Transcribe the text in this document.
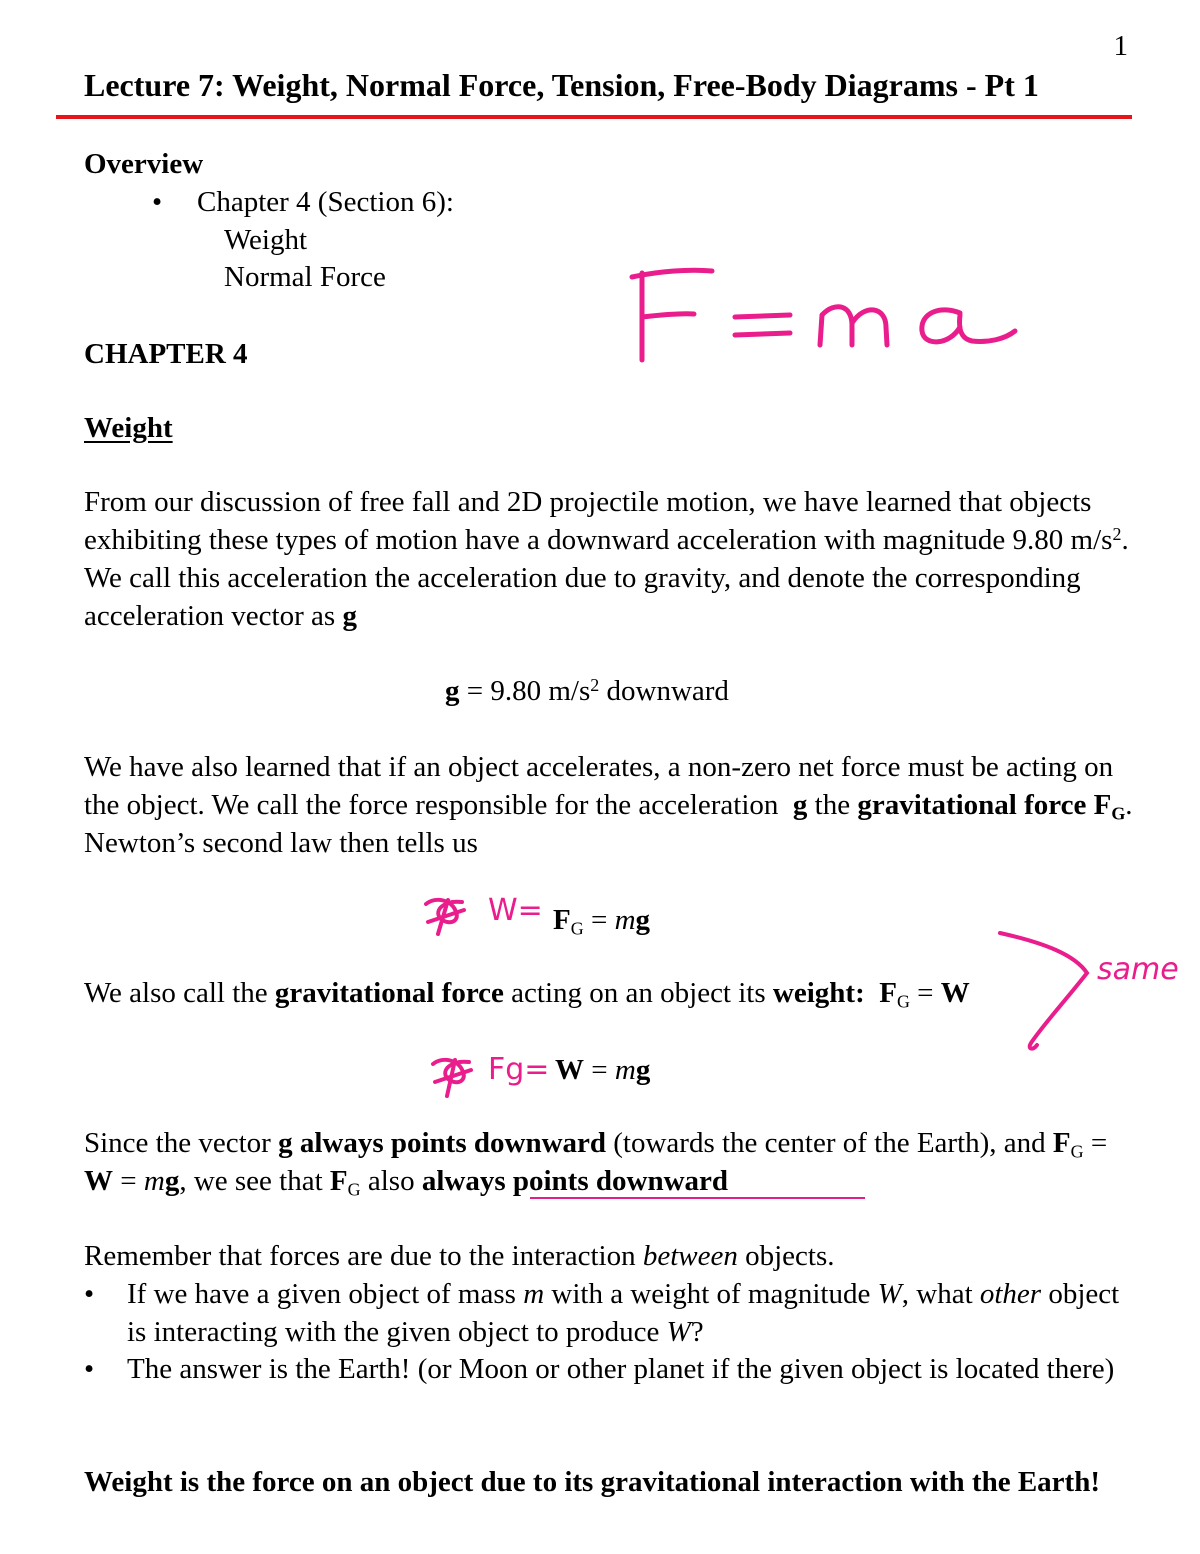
1
Lecture 7: Weight, Normal Force, Tension, Free-Body Diagrams - Pt 1
Overview
• Chapter 4 (Section 6):
Weight
Normal Force	F=ma
CHAPTER 4
Weight

From our discussion of free fall and 2D projectile motion, we have learned that objects exhibiting these types of motion have a downward acceleration with magnitude 9.80 $m/s^2$. We call this acceleration the acceleration due to gravity, and denote the corresponding acceleration vector as g

g = 9.80 $m/s^2$ downward

We have also learned that if an object accelerates, a non-zero net force must be acting on the object. We call the force responsible for the acceleration  g the gravitational force $F_G$. Newton’s second law then tells us

$W= F_G$ = mg
We also call the gravitational force acting on an object its weight:  $F_G = W$
same
Fg= W = mg

Since the vector g always points downward (towards the center of the Earth), and $F_G = W$ = mg, we see that $F_G$ also always points downward

Remember that forces are due to the interaction between objects.
• If we have a given object of mass m with a weight of magnitude W, what other object is interacting with the given object to produce W?
• The answer is the Earth! (or Moon or other planet if the given object is located there)
Weight is the force on an object due to its gravitational interaction with the Earth!
